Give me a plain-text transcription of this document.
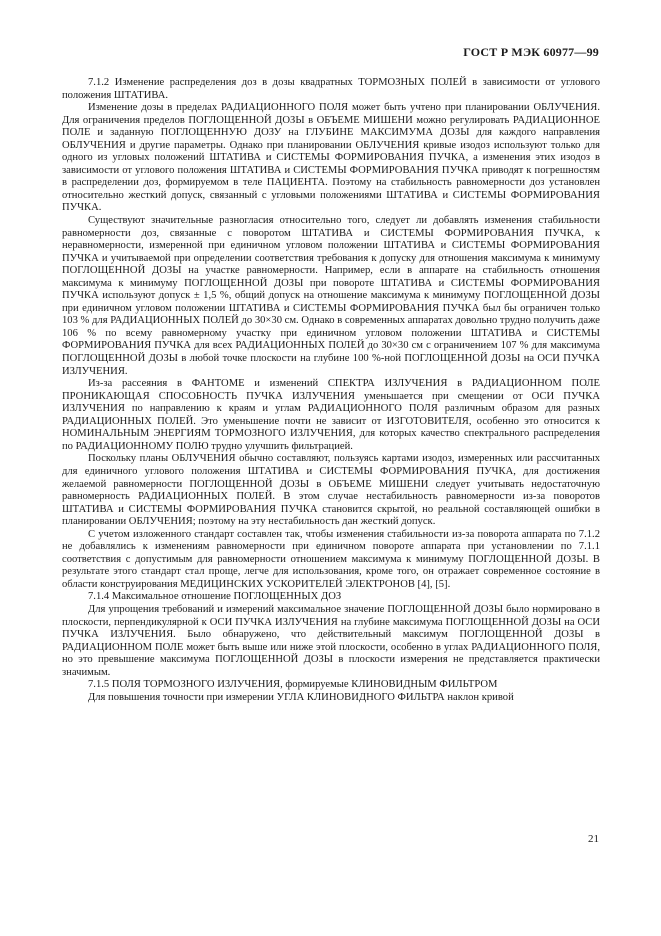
ГОСТ Р МЭК 60977—99

7.1.2 Изменение распределения доз в дозы квадратных ТОРМОЗНЫХ ПОЛЕЙ в зависимости от углового положения ШТАТИВА.

Изменение дозы в пределах РАДИАЦИОННОГО ПОЛЯ может быть учтено при планировании ОБЛУЧЕНИЯ. Для ограничения пределов ПОГЛОЩЕННОЙ ДОЗЫ в ОБЪЕМЕ МИШЕНИ можно регулировать РАДИАЦИОННОЕ ПОЛЕ и заданную ПОГЛОЩЕННУЮ ДОЗУ на ГЛУБИНЕ МАКСИМУМА ДОЗЫ для каждого направления ОБЛУЧЕНИЯ и другие параметры. Однако при планировании ОБЛУЧЕНИЯ кривые изодоз используют только для одного из угловых положений ШТАТИВА и СИСТЕМЫ ФОРМИРОВАНИЯ ПУЧКА, а изменения этих изодоз в зависимости от углового положения ШТАТИВА и СИСТЕМЫ ФОРМИРОВАНИЯ ПУЧКА приводят к погрешностям в распределении доз, формируемом в теле ПАЦИЕНТА. Поэтому на стабильность равномерности доз установлен относительно жесткий допуск, связанный с угловыми положениями ШТАТИВА и СИСТЕМЫ ФОРМИРОВАНИЯ ПУЧКА.

Существуют значительные разногласия относительно того, следует ли добавлять изменения стабильности равномерности доз, связанные с поворотом ШТАТИВА и СИСТЕМЫ ФОРМИРОВАНИЯ ПУЧКА, к неравномерности, измеренной при единичном угловом положении ШТАТИВА и СИСТЕМЫ ФОРМИРОВАНИЯ ПУЧКА и учитываемой при определении соответствия требования к допуску для отношения максимума к минимуму ПОГЛОЩЕННОЙ ДОЗЫ на участке равномерности. Например, если в аппарате на стабильность отношения максимума к минимуму ПОГЛОЩЕННОЙ ДОЗЫ при повороте ШТАТИВА и СИСТЕМЫ ФОРМИРОВАНИЯ ПУЧКА используют допуск ± 1,5 %, общий допуск на отношение максимума к минимуму ПОГЛОЩЕННОЙ ДОЗЫ при единичном угловом положении ШТАТИВА и СИСТЕМЫ ФОРМИРОВАНИЯ ПУЧКА был бы ограничен только 103 % для РАДИАЦИОННЫХ ПОЛЕЙ до 30×30 см. Однако в современных аппаратах довольно трудно получить даже 106 % по всему равномерному участку при единичном угловом положении ШТАТИВА и СИСТЕМЫ ФОРМИРОВАНИЯ ПУЧКА для всех РАДИАЦИОННЫХ ПОЛЕЙ до 30×30 см с ограничением 107 % для максимума ПОГЛОЩЕННОЙ ДОЗЫ в любой точке плоскости на глубине 100 %-ной ПОГЛОЩЕННОЙ ДОЗЫ на ОСИ ПУЧКА ИЗЛУЧЕНИЯ.

Из-за рассеяния в ФАНТОМЕ и изменений СПЕКТРА ИЗЛУЧЕНИЯ в РАДИАЦИОННОМ ПОЛЕ ПРОНИКАЮЩАЯ СПОСОБНОСТЬ ПУЧКА ИЗЛУЧЕНИЯ уменьшается при смещении от ОСИ ПУЧКА ИЗЛУЧЕНИЯ по направлению к краям и углам РАДИАЦИОННОГО ПОЛЯ различным образом для разных РАДИАЦИОННЫХ ПОЛЕЙ. Это уменьшение почти не зависит от ИЗГОТОВИТЕЛЯ, особенно это относится к НОМИНАЛЬНЫМ ЭНЕРГИЯМ ТОРМОЗНОГО ИЗЛУЧЕНИЯ, для которых качество спектрального распределения по РАДИАЦИОННОМУ ПОЛЮ трудно улучшить фильтрацией.

Поскольку планы ОБЛУЧЕНИЯ обычно составляют, пользуясь картами изодоз, измеренных или рассчитанных для единичного углового положения ШТАТИВА и СИСТЕМЫ ФОРМИРОВАНИЯ ПУЧКА, для достижения желаемой равномерности ПОГЛОЩЕННОЙ ДОЗЫ в ОБЪЕМЕ МИШЕНИ следует учитывать недостаточную равномерность РАДИАЦИОННЫХ ПОЛЕЙ. В этом случае нестабильность равномерности из-за поворотов ШТАТИВА и СИСТЕМЫ ФОРМИРОВАНИЯ ПУЧКА становится скрытой, но реальной составляющей ошибки в планировании ОБЛУЧЕНИЯ; поэтому на эту нестабильность дан жесткий допуск.

С учетом изложенного стандарт составлен так, чтобы изменения стабильности из-за поворота аппарата по 7.1.2 не добавлялись к изменениям равномерности при единичном повороте аппарата при установлении по 7.1.1 соответствия с допустимым для равномерности отношением максимума к минимуму ПОГЛОЩЕННОЙ ДОЗЫ. В результате этого стандарт стал проще, легче для использования, кроме того, он отражает современное состояние в области конструирования МЕДИЦИНСКИХ УСКОРИТЕЛЕЙ ЭЛЕКТРОНОВ [4], [5].

7.1.4 Максимальное отношение ПОГЛОЩЕННЫХ ДОЗ

Для упрощения требований и измерений максимальное значение ПОГЛОЩЕННОЙ ДОЗЫ было нормировано в плоскости, перпендикулярной к ОСИ ПУЧКА ИЗЛУЧЕНИЯ на глубине максимума ПОГЛОЩЕННОЙ ДОЗЫ на ОСИ ПУЧКА ИЗЛУЧЕНИЯ. Было обнаружено, что действительный максимум ПОГЛОЩЕННОЙ ДОЗЫ в РАДИАЦИОННОМ ПОЛЕ может быть выше или ниже этой плоскости, особенно в углах РАДИАЦИОННОГО ПОЛЯ, но это превышение максимума ПОГЛОЩЕННОЙ ДОЗЫ в плоскости измерения не представляется практически значимым.

7.1.5 ПОЛЯ ТОРМОЗНОГО ИЗЛУЧЕНИЯ, формируемые КЛИНОВИДНЫМ ФИЛЬТРОМ

Для повышения точности при измерении УГЛА КЛИНОВИДНОГО ФИЛЬТРА наклон кривой

21
